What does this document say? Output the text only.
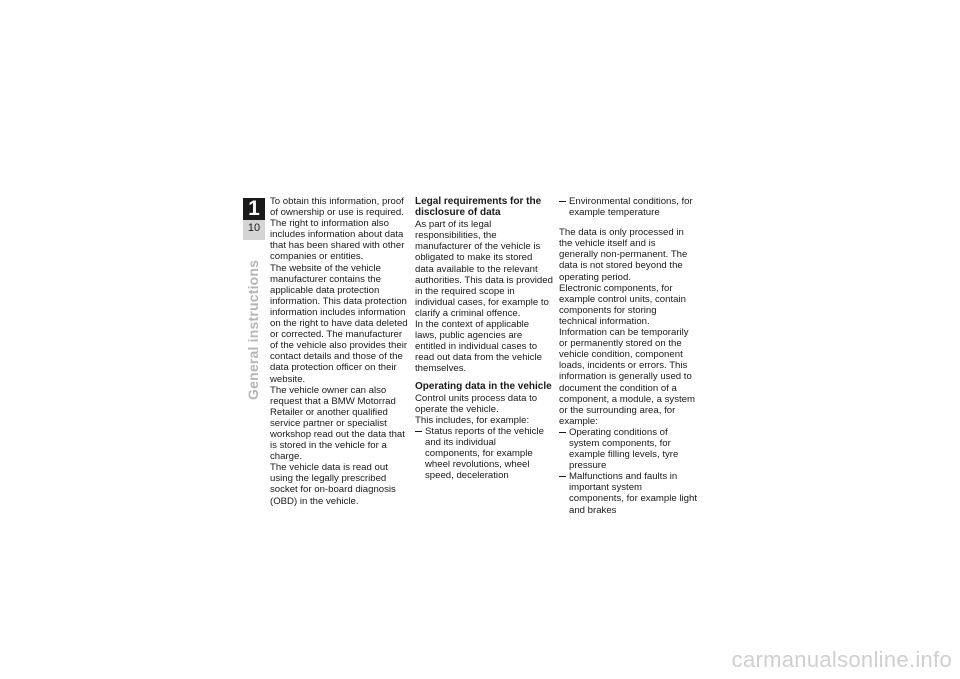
1
10
General instructions

To obtain this information, proof of ownership or use is required. The right to information also includes information about data that has been shared with other companies or entities.

The website of the vehicle manufacturer contains the applicable data protection information. This data protection information includes information on the right to have data deleted or corrected. The manufacturer of the vehicle also provides their contact details and those of the data protection officer on their website.

The vehicle owner can also request that a BMW Motorrad Retailer or another qualified service partner or specialist workshop read out the data that is stored in the vehicle for a charge.

The vehicle data is read out using the legally prescribed socket for on-board diagnosis (OBD) in the vehicle.

Legal requirements for the disclosure of data

As part of its legal responsibilities, the manufacturer of the vehicle is obligated to make its stored data available to the relevant authorities. This data is provided in the required scope in individual cases, for example to clarify a criminal offence.

In the context of applicable laws, public agencies are entitled in individual cases to read out data from the vehicle themselves.

Operating data in the vehicle

Control units process data to operate the vehicle.

This includes, for example:

Status reports of the vehicle and its individual components, for example wheel revolutions, wheel speed, deceleration

Environmental conditions, for example temperature

The data is only processed in the vehicle itself and is generally non-permanent. The data is not stored beyond the operating period.

Electronic components, for example control units, contain components for storing technical information. Information can be temporarily or permanently stored on the vehicle condition, component loads, incidents or errors. This information is generally used to document the condition of a component, a module, a system or the surrounding area, for example:

Operating conditions of system components, for example filling levels, tyre pressure

Malfunctions and faults in important system components, for example light and brakes

carmanualsonline.info
